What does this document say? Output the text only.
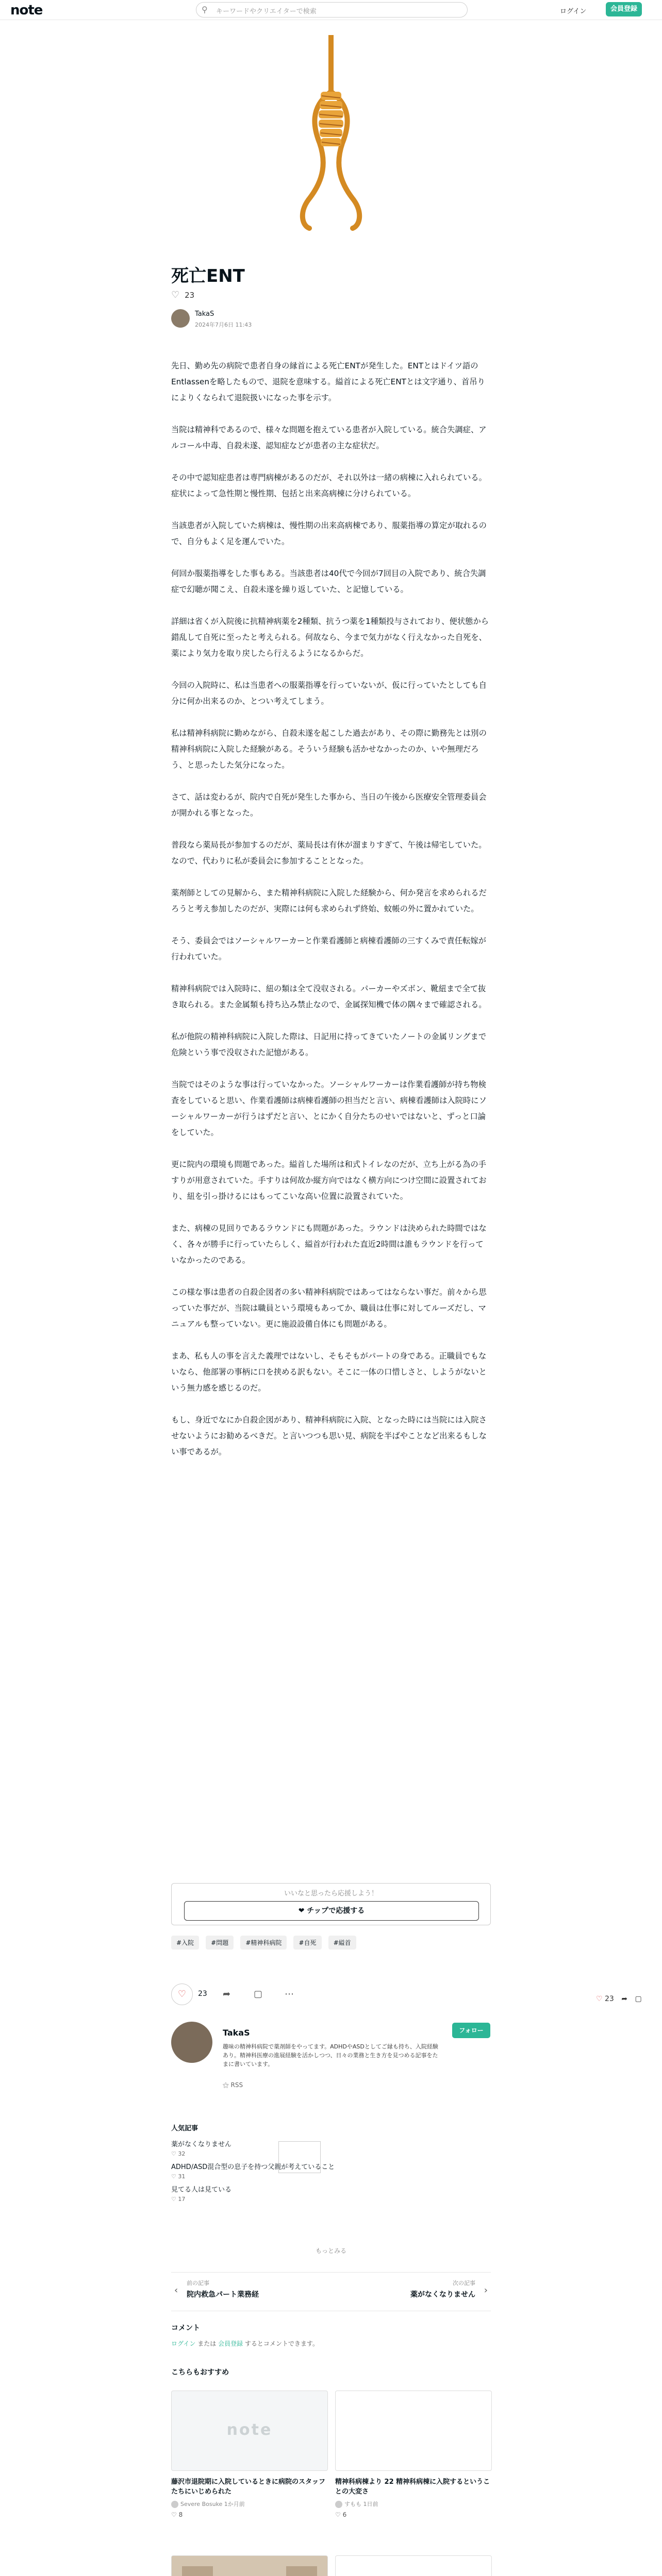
note	⚲ キーワードやクリエイターで検索	ログイン	会員登録
死亡ENT
♡ 23
TakaS
2024年7月6日 11:43

先日、勤め先の病院で患者自身の縁首による死亡ENTが発生した。ENTとはドイツ語のEntlassenを略したもので、退院を意味する。縊首による死亡ENTとは文字通り、首吊りによりくなられて退院扱いになった事を示す。

当院は精神科であるので、様々な問題を抱えている患者が入院している。統合失調症、アルコール中毒、自殺未遂、認知症などが患者の主な症状だ。

その中で認知症患者は専門病棟があるのだが、それ以外は一緒の病棟に入れられている。症状によって急性期と慢性期、包括と出来高病棟に分けられている。

当該患者が入院していた病棟は、慢性期の出来高病棟であり、服薬指導の算定が取れるので、自分もよく足を運んでいた。

何回か服薬指導をした事もある。当該患者は40代で今回が7回目の入院であり、統合失調症で幻聴が聞こえ、自殺未遂を繰り返していた、と記憶している。

詳細は省くが入院後に抗精神病薬を2種類、抗うつ薬を1種類投与されており、便状態から錯乱して自死に至ったと考えられる。何故なら、今まで気力がなく行えなかった自死を、薬により気力を取り戻したら行えるようになるからだ。

今回の入院時に、私は当患者への服薬指導を行っていないが、仮に行っていたとしても自分に何か出来るのか、とつい考えてしまう。

私は精神科病院に勤めながら、自殺未遂を起こした過去があり、その際に勤務先とは別の精神科病院に入院した経験がある。そういう経験も活かせなかったのか、いや無理だろう、と思ったした気分になった。

さて、話は変わるが、院内で自死が発生した事から、当日の午後から医療安全管理委員会が開かれる事となった。

普段なら薬局長が参加するのだが、薬局長は有休が溜まりすぎて、午後は帰宅していた。なので、代わりに私が委員会に参加することとなった。

薬剤師としての見解から、また精神科病院に入院した経験から、何か発言を求められるだろうと考え参加したのだが、実際には何も求められず終始、蚊帳の外に置かれていた。

そう、委員会ではソーシャルワーカーと作業看護師と病棟看護師の三すくみで責任転嫁が行われていた。

精神科病院では入院時に、紐の類は全て没収される。パーカーやズボン、靴紐まで全て抜き取られる。また金属類も持ち込み禁止なので、金属探知機で体の隅々まで確認される。

私が他院の精神科病院に入院した際は、日記用に持ってきていたノートの金属リングまで危険という事で没収された記憶がある。

当院ではそのような事は行っていなかった。ソーシャルワーカーは作業看護師が持ち物検査をしていると思い、作業看護師は病棟看護師の担当だと言い、病棟看護師は入院時にソーシャルワーカーが行うはずだと言い、とにかく自分たちのせいではないと、ずっと口論をしていた。

更に院内の環境も問題であった。縊首した場所は和式トイレなのだが、立ち上がる為の手すりが用意されていた。手すりは何故か縦方向ではなく横方向につけ空間に設置されており、紐を引っ掛けるにはもってこいな高い位置に設置されていた。

また、病棟の見回りであるラウンドにも問題があった。ラウンドは決められた時間ではなく、各々が勝手に行っていたらしく、縊首が行われた直近2時間は誰もラウンドを行っていなかったのである。

この様な事は患者の自殺企図者の多い精神科病院ではあってはならない事だ。前々から思っていた事だが、当院は職員という環境もあってか、職員は仕事に対してルーズだし、マニュアルも整っていない。更に施設設備自体にも問題がある。

まあ、私も人の事を言えた義理ではないし、そもそもがパートの身である。正職員でもないなら、他部署の事柄に口を挟める訳もない。そこに一体の口惜しさと、しようがないという無力感を感じるのだ。

もし、身近でなにか自殺企図があり、精神科病院に入院、となった時には当院には入院させないようにお勧めるべきだ。と言いつつも思い見、病院を半ばやことなど出来るもしない事であるが。

いいなと思ったら応援しよう！
❤ チップで応援する
#入院	#問題	#精神科病院	#自死	#縊首
♡	23 ➦ ▢ ⋯	♡ 23 ➦ ▢
TakaS
趣味の精神科病院で薬剤師をやってます。ADHDやASDとしてご縁も持ち、入院経験あり。精神科医療の進展経験を活かしつつ、日々の業務と生き方を見つめる記事をたまに書いています。
フォロー
⚝ RSS
人気記事
薬がなくなりません
♡ 32
ADHD/ASD混合型の息子を持つ父親が考えていること
♡ 31
見てる人は見ている
♡ 17
もっとみる
‹
前の記事
院内救急パート業務経
次の記事
薬がなくなりません ›
コメント
ログイン または 会員登録 するとコメントできます。
こちらもおすすめ
note
藤沢市退院期に入院しているときに病院のスタッフたちにいじめられた
Severe Bosuke 1か月前
♡ 8
精神科病棟より 22 精神科病棟に入院するということの大変さ
すもも 1日前
♡ 6
